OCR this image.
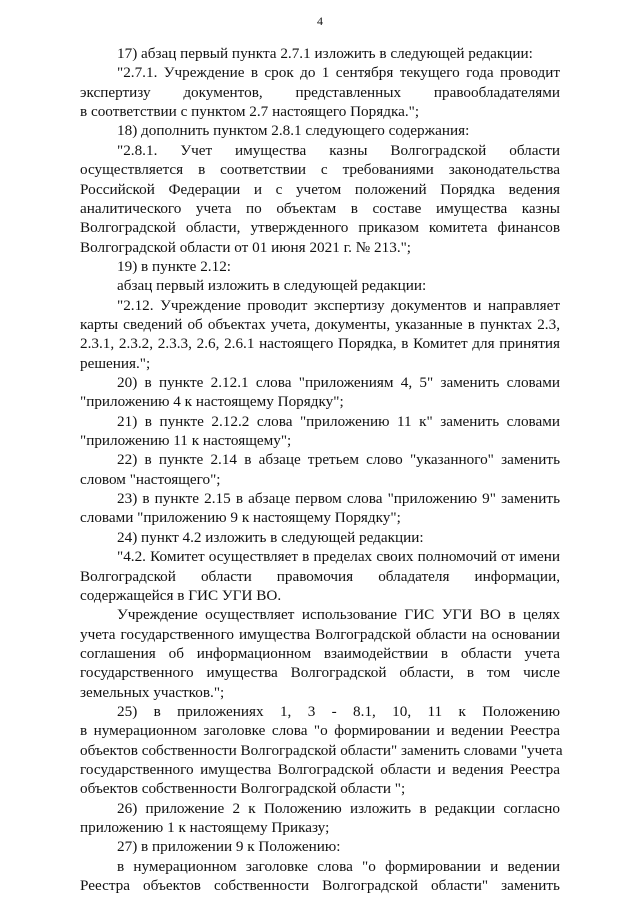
4
17) абзац первый пункта 2.7.1 изложить в следующей редакции:
"2.7.1. Учреждение в срок до 1 сентября текущего года проводит
экспертизу документов, представленных правообладателями
в соответствии с пунктом 2.7 настоящего Порядка.";
18) дополнить пунктом 2.8.1 следующего содержания:
"2.8.1. Учет имущества казны Волгоградской области
осуществляется в соответствии с требованиями законодательства
Российской Федерации и с учетом положений Порядка ведения
аналитического учета по объектам в составе имущества казны
Волгоградской области, утвержденного приказом комитета финансов
Волгоградской области от 01 июня 2021 г. № 213.";
19) в пункте 2.12:
абзац первый изложить в следующей редакции:
"2.12. Учреждение проводит экспертизу документов и направляет
карты сведений об объектах учета, документы, указанные в пунктах 2.3,
2.3.1, 2.3.2, 2.3.3, 2.6, 2.6.1 настоящего Порядка, в Комитет для принятия
решения.";
20) в пункте 2.12.1 слова "приложениям 4, 5" заменить словами
"приложению 4 к настоящему Порядку";
21) в пункте 2.12.2 слова "приложению 11 к" заменить словами
"приложению 11 к настоящему";
22) в пункте 2.14 в абзаце третьем слово "указанного" заменить
словом "настоящего";
23) в пункте 2.15 в абзаце первом слова "приложению 9" заменить
словами "приложению 9 к настоящему Порядку";
24) пункт 4.2 изложить в следующей редакции:
"4.2. Комитет осуществляет в пределах своих полномочий от имени
Волгоградской области правомочия обладателя информации,
содержащейся в ГИС УГИ ВО.
Учреждение осуществляет использование ГИС УГИ ВО в целях
учета государственного имущества Волгоградской области на основании
соглашения об информационном взаимодействии в области учета
государственного имущества Волгоградской области, в том числе
земельных участков.";
25) в приложениях 1, 3 - 8.1, 10, 11 к Положению
в нумерационном заголовке слова "о формировании и ведении Реестра
объектов собственности Волгоградской области" заменить словами "учета
государственного имущества Волгоградской области и ведения Реестра
объектов собственности Волгоградской области ";
26) приложение 2 к Положению изложить в редакции согласно
приложению 1 к настоящему Приказу;
27) в приложении 9 к Положению:
в нумерационном заголовке слова "о формировании и ведении
Реестра объектов собственности Волгоградской области" заменить
